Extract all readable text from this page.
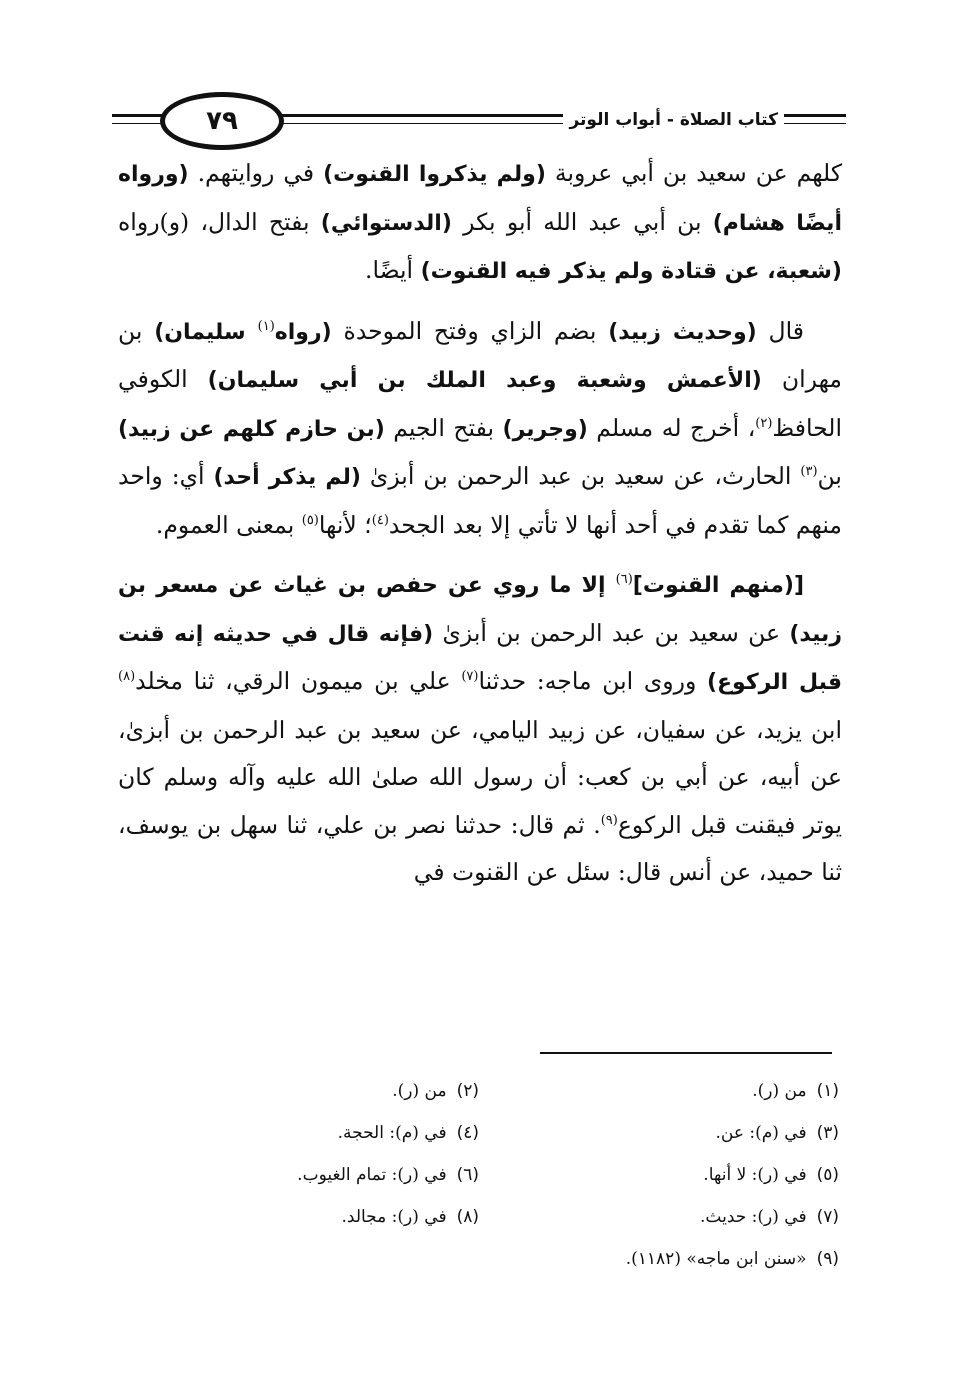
كتاب الصلاة - أبواب الوتر
٧٩

كلهم عن سعيد بن أبي عروبة (ولم يذكروا القنوت) في روايتهم. (ورواه أيضًا هشام) بن أبي عبد الله أبو بكر (الدستوائي) بفتح الدال، (و)رواه (شعبة، عن قتادة ولم يذكر فيه القنوت) أيضًا.

قال (وحديث زبيد) بضم الزاي وفتح الموحدة (رواه$^{(١)}$ سليمان) بن مهران (الأعمش وشعبة وعبد الملك بن أبي سليمان) الكوفي الحافظ$^{(٢)}$، أخرج له مسلم (وجرير) بفتح الجيم (بن حازم كلهم عن زبيد) بن$^{(٣)}$ الحارث، عن سعيد بن عبد الرحمن بن أبزىٰ (لم يذكر أحد) أي: واحد منهم كما تقدم في أحد أنها لا تأتي إلا بعد الجحد$^{(٤)}$؛ لأنها$^{(٥)}$ بمعنى العموم.

[(منهم القنوت]$^{(٦)}$ إلا ما روي عن حفص بن غياث عن مسعر بن زبيد) عن سعيد بن عبد الرحمن بن أبزىٰ (فإنه قال في حديثه إنه قنت قبل الركوع) وروى ابن ماجه: حدثنا$^{(٧)}$ علي بن ميمون الرقي، ثنا مخلد$^{(٨)}$ ابن يزيد، عن سفيان، عن زبيد اليامي، عن سعيد بن عبد الرحمن بن أبزىٰ، عن أبيه، عن أبي بن كعب: أن رسول الله صلىٰ الله عليه وآله وسلم كان يوتر فيقنت قبل الركوع$^{(٩)}$. ثم قال: حدثنا نصر بن علي، ثنا سهل بن يوسف، ثنا حميد، عن أنس قال: سئل عن القنوت في

(١)من (ر).
(٢)من (ر).
(٣)في (م): عن.
(٤)في (م): الحجة.
(٥)في (ر): لا أنها.
(٦)في (ر): تمام الغيوب.
(٧)في (ر): حديث.
(٨)في (ر): مجالد.
(٩)«سنن ابن ماجه» (١١٨٢).
